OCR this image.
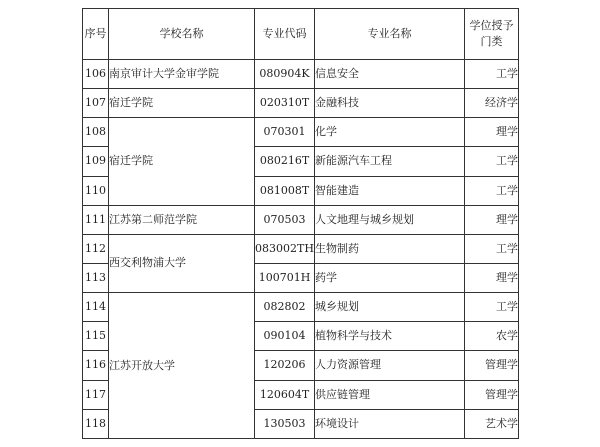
序号	学校名称	专业代码	专业名称	学位授予门类
106	南京审计大学金审学院	080904K	信息安全	工学
107	宿迁学院	020310T	金融科技	经济学
108	宿迁学院	070301	化学	理学
109		080216T	新能源汽车工程	工学
110		081008T	智能建造	工学
111	江苏第二师范学院	070503	人文地理与城乡规划	理学
112	西交利物浦大学	083002TH	生物制药	工学
113		100701H	药学	理学
114	江苏开放大学	082802	城乡规划	工学
115		090104	植物科学与技术	农学
116		120206	人力资源管理	管理学
117		120604T	供应链管理	管理学
118		130503	环境设计	艺术学
